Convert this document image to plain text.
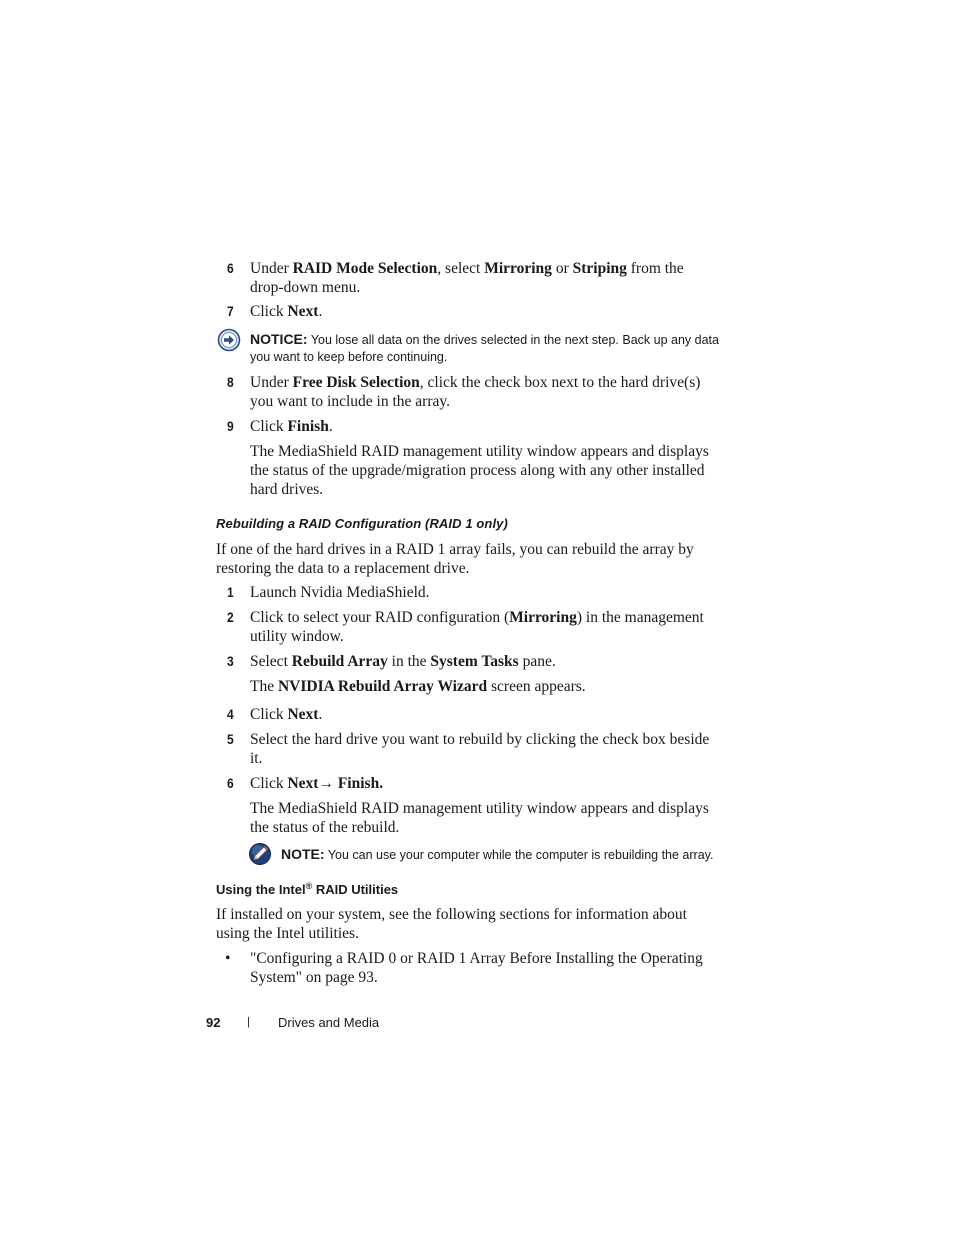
6	Under RAID Mode Selection, select Mirroring or Striping from the drop-down menu.
7	Click Next.
NOTICE: You lose all data on the drives selected in the next step. Back up any data you want to keep before continuing.
8	Under Free Disk Selection, click the check box next to the hard drive(s) you want to include in the array.
9	Click Finish.
The MediaShield RAID management utility window appears and displays the status of the upgrade/migration process along with any other installed hard drives.
Rebuilding a RAID Configuration (RAID 1 only)
If one of the hard drives in a RAID 1 array fails, you can rebuild the array by restoring the data to a replacement drive.
1	Launch Nvidia MediaShield.
2	Click to select your RAID configuration (Mirroring) in the management utility window.
3	Select Rebuild Array in the System Tasks pane.
The NVIDIA Rebuild Array Wizard screen appears.
4	Click Next.
5	Select the hard drive you want to rebuild by clicking the check box beside it.
6	Click Next→ Finish.
The MediaShield RAID management utility window appears and displays the status of the rebuild.
NOTE: You can use your computer while the computer is rebuilding the array.
Using the Intel® RAID Utilities
If installed on your system, see the following sections for information about using the Intel utilities.
• "Configuring a RAID 0 or RAID 1 Array Before Installing the Operating System" on page 93.
92 | Drives and Media
